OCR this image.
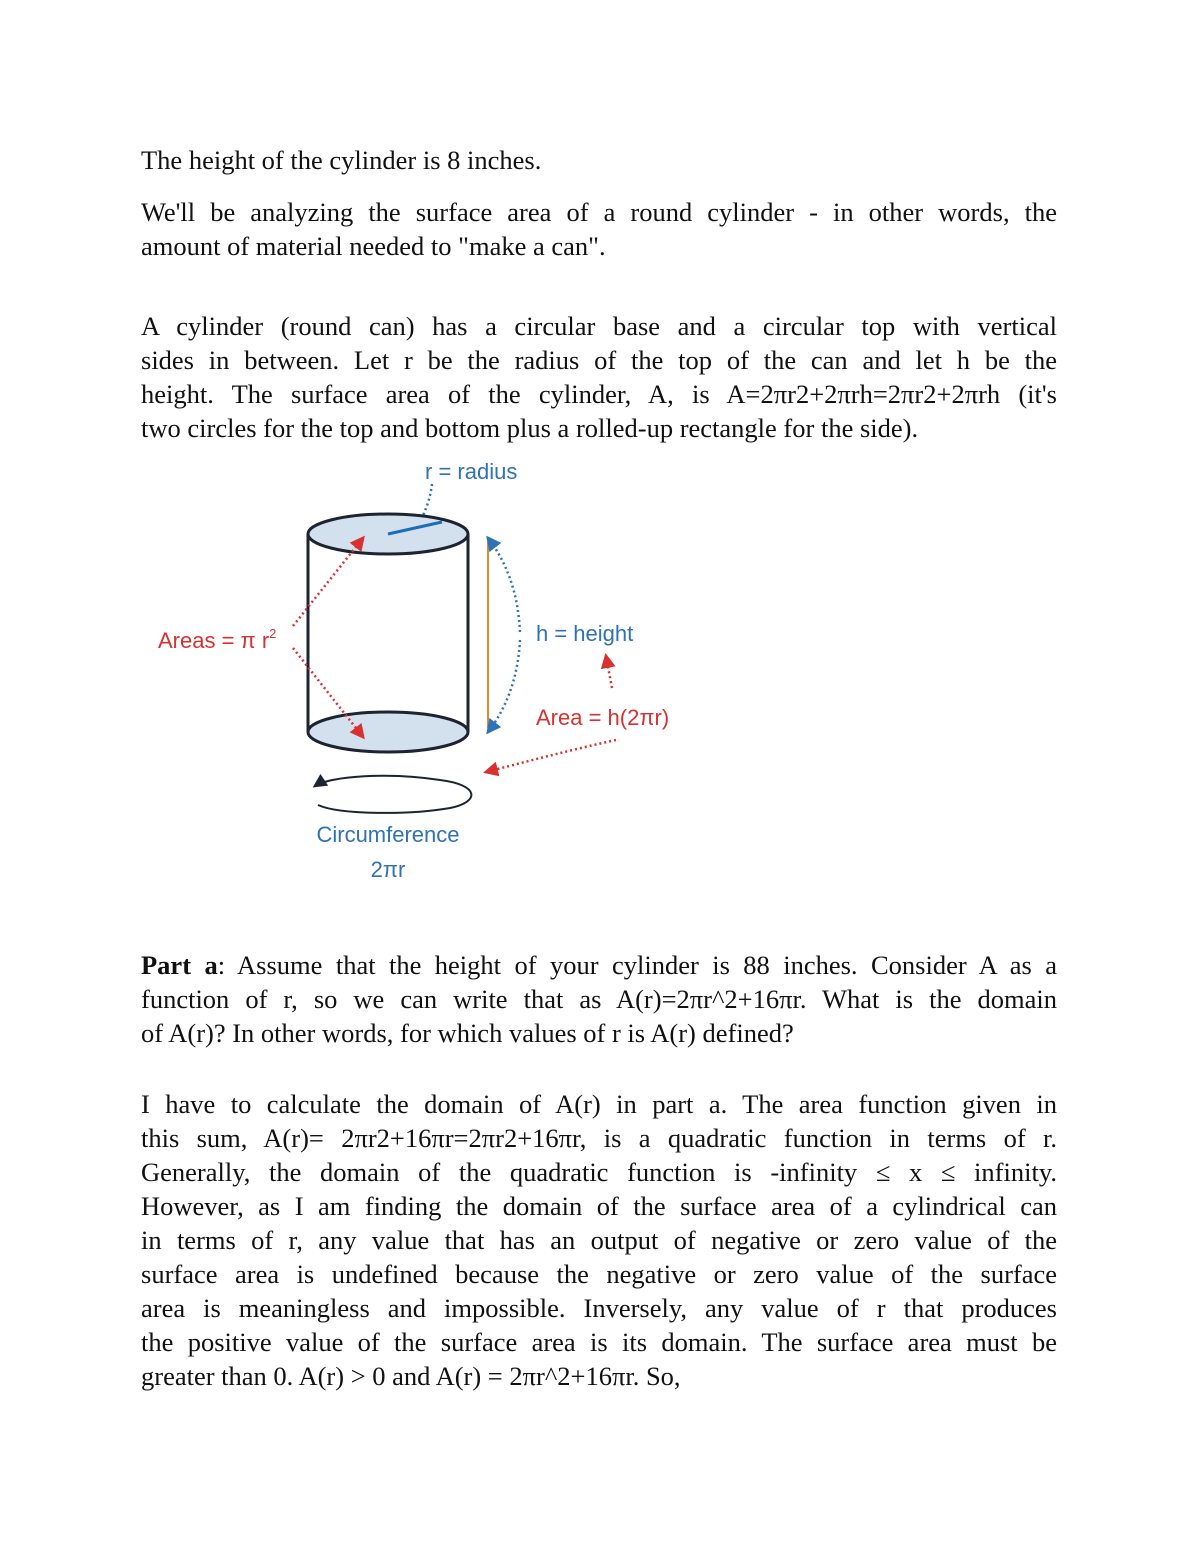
The height of the cylinder is 8 inches.

We'll be analyzing the surface area of a round cylinder - in other words, the
amount of material needed to "make a can".

A cylinder (round can) has a circular base and a circular top with vertical
sides in between. Let r be the radius of the top of the can and let h be the
height. The surface area of the cylinder, A, is A=2πr2+2πrh=2πr2+2πrh (it's
two circles for the top and bottom plus a rolled-up rectangle for the side).

r = radius
Areas = π $r^2$	h = height
Area = h(2πr)
Circumference
2πr

Part a: Assume that the height of your cylinder is 88 inches. Consider A as a
function of r, so we can write that as A(r)=2πr^2+16πr. What is the domain
of A(r)? In other words, for which values of r is A(r) defined?

I have to calculate the domain of A(r) in part a. The area function given in
this sum, A(r)= 2πr2+16πr=2πr2+16πr, is a quadratic function in terms of r.
Generally, the domain of the quadratic function is -infinity ≤ x ≤ infinity.
However, as I am finding the domain of the surface area of a cylindrical can
in terms of r, any value that has an output of negative or zero value of the
surface area is undefined because the negative or zero value of the surface
area is meaningless and impossible. Inversely, any value of r that produces
the positive value of the surface area is its domain. The surface area must be
greater than 0. A(r) > 0 and A(r) = 2πr^2+16πr. So,
